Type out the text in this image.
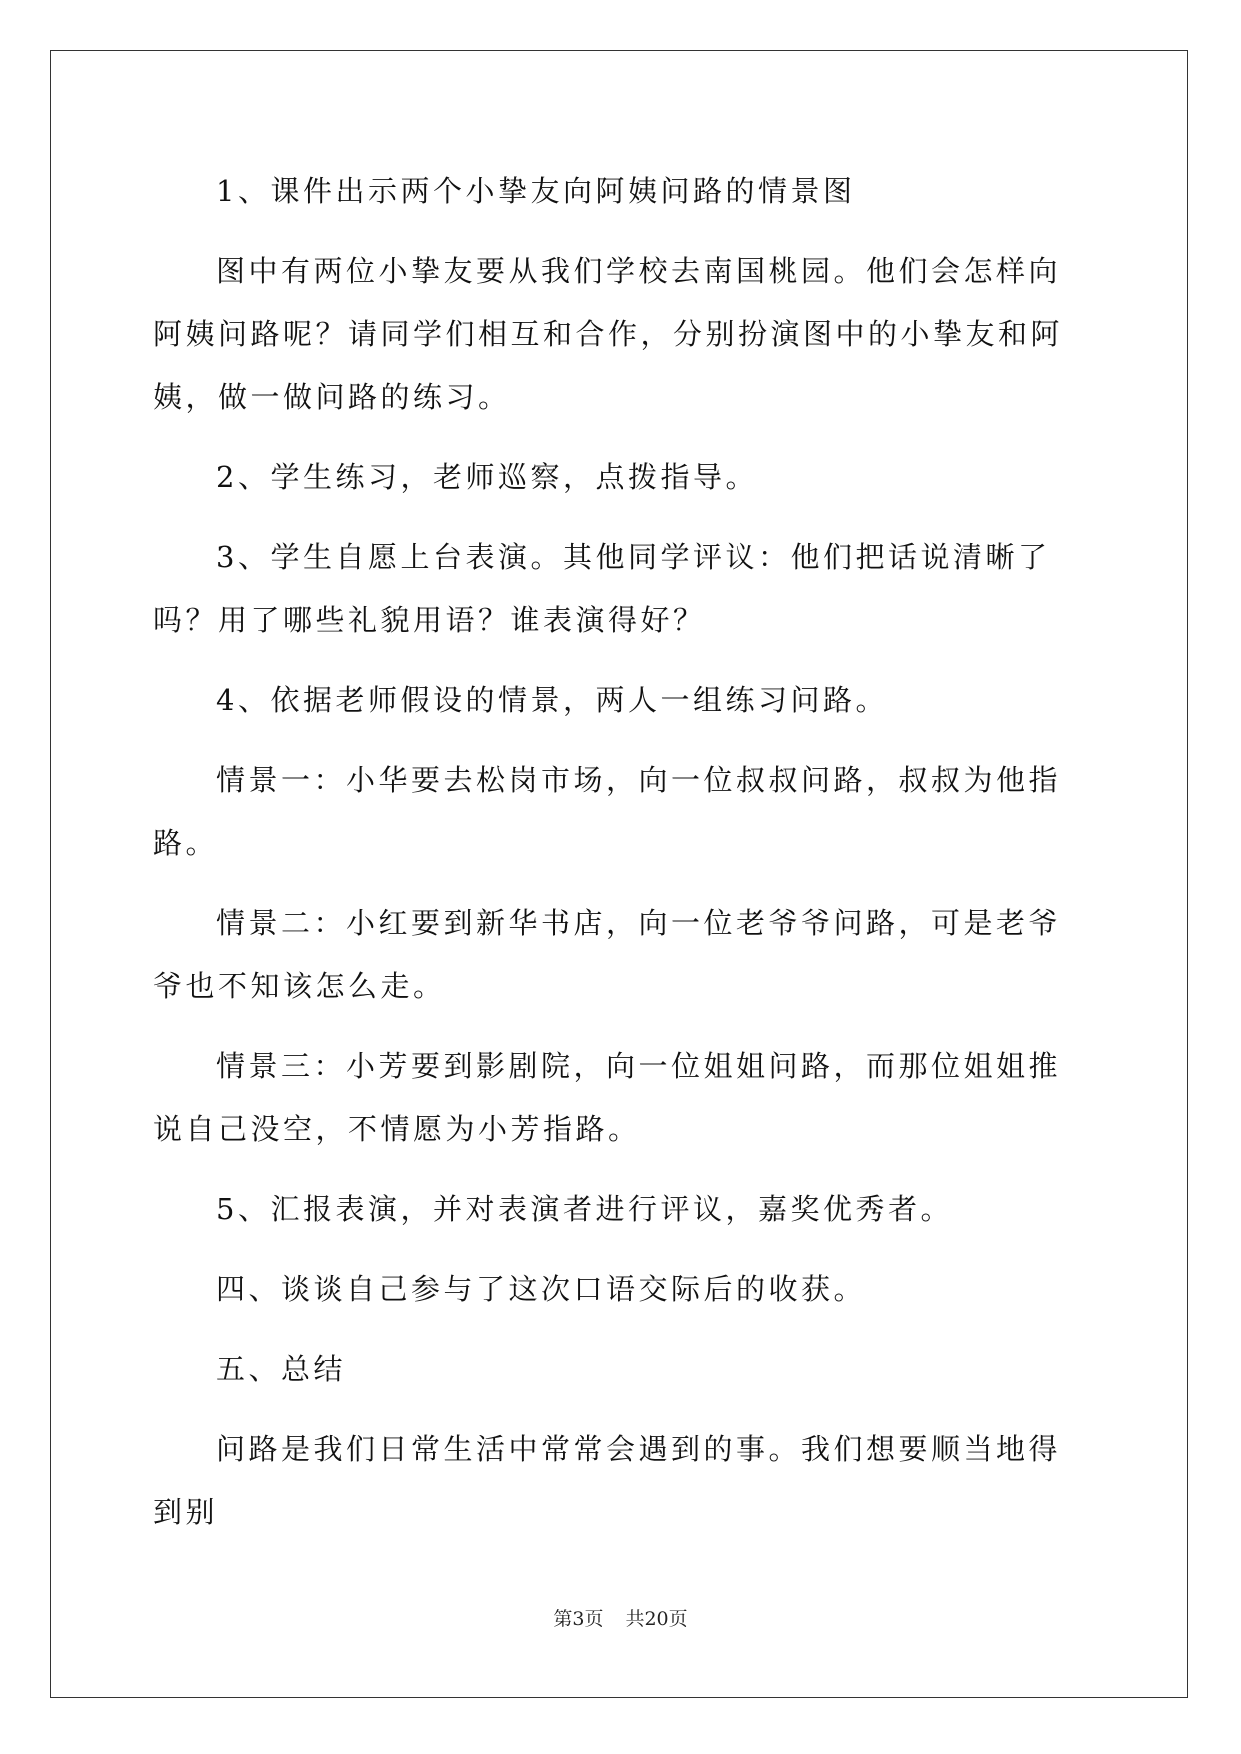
1、课件出示两个小挚友向阿姨问路的情景图

图中有两位小挚友要从我们学校去南国桃园。他们会怎样向阿姨问路呢？请同学们相互和合作，分别扮演图中的小挚友和阿姨，做一做问路的练习。

2、学生练习，老师巡察，点拨指导。

3、学生自愿上台表演。其他同学评议：他们把话说清晰了吗？用了哪些礼貌用语？谁表演得好？

4、依据老师假设的情景，两人一组练习问路。

情景一：小华要去松岗市场，向一位叔叔问路，叔叔为他指路。

情景二：小红要到新华书店，向一位老爷爷问路，可是老爷爷也不知该怎么走。

情景三：小芳要到影剧院，向一位姐姐问路，而那位姐姐推说自己没空，不情愿为小芳指路。

5、汇报表演，并对表演者进行评议，嘉奖优秀者。

四、谈谈自己参与了这次口语交际后的收获。

五、总结

问路是我们日常生活中常常会遇到的事。我们想要顺当地得到别

第3页 共20页
